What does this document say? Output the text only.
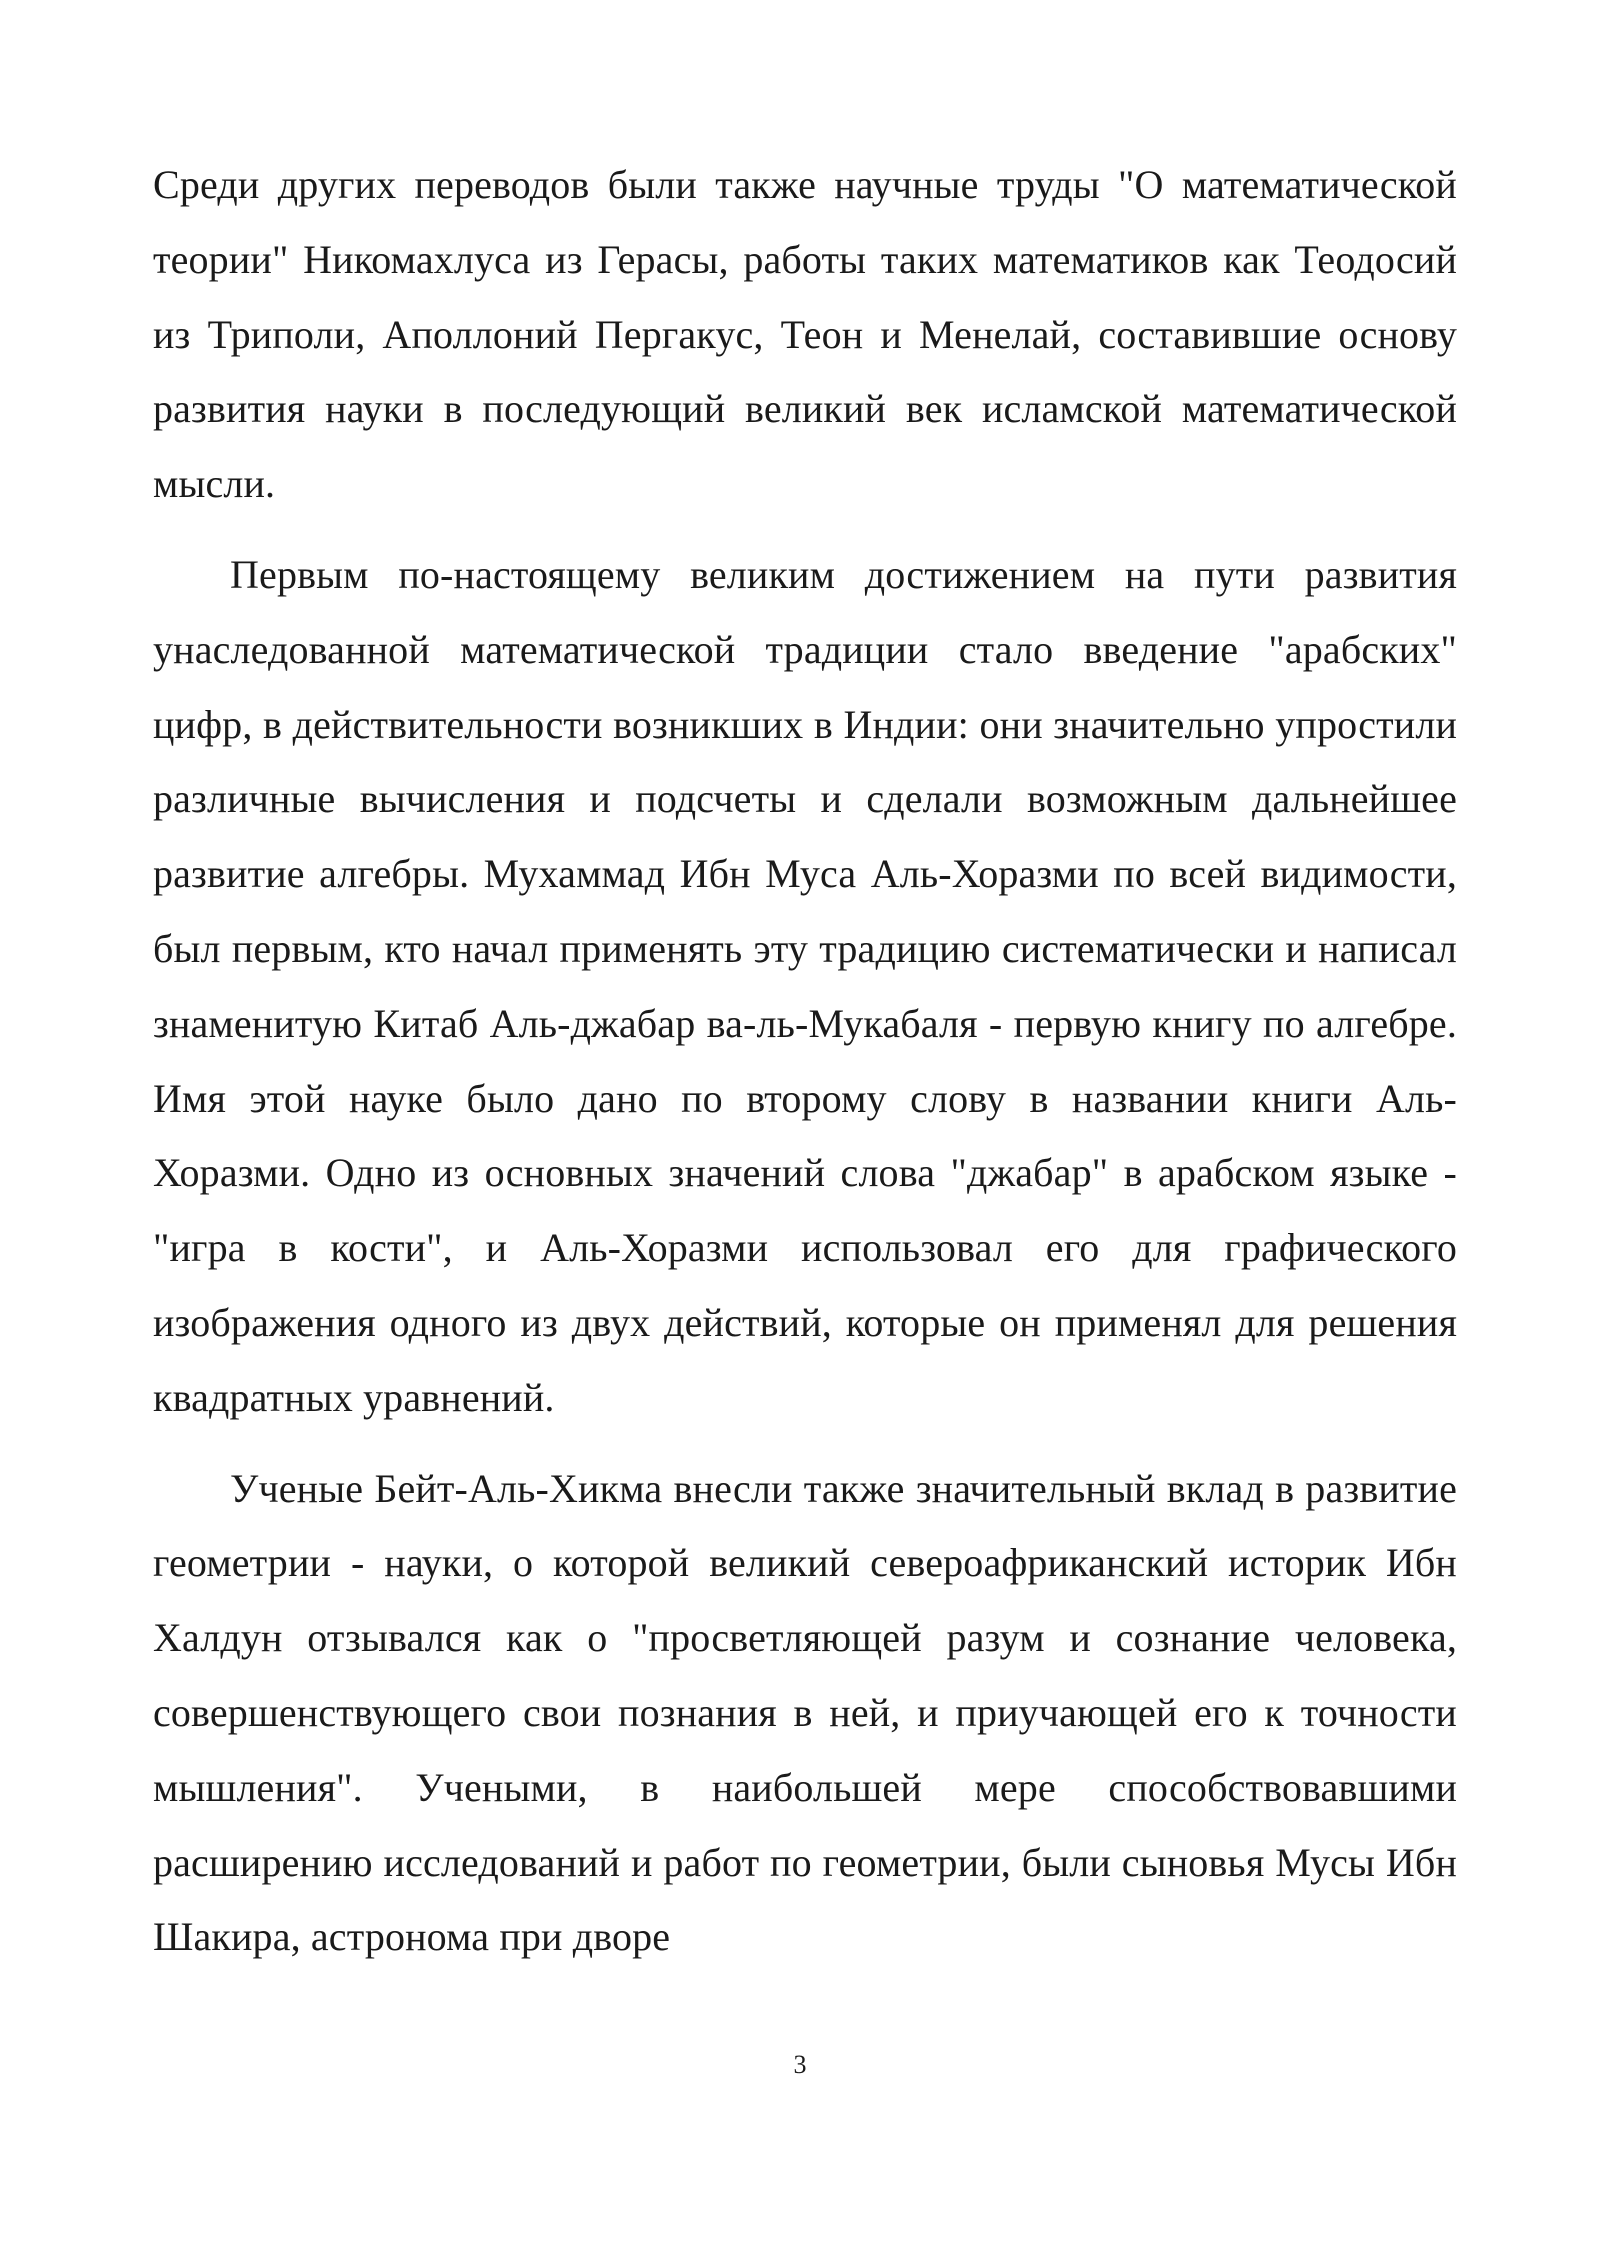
Среди других переводов были также научные труды "О математической теории" Никомахлуса из Герасы, работы таких математиков как Теодосий из Триполи, Аполлоний Пергакус, Теон и Менелай, составившие основу развития науки в последующий великий век исламской математической мысли.

Первым по-настоящему великим достижением на пути развития унаследованной математической традиции стало введение "арабских" цифр, в действительности возникших в Индии: они значительно упростили различные вычисления и подсчеты и сделали возможным дальнейшее развитие алгебры. Мухаммад Ибн Муса Аль-Хоразми по всей видимости, был первым, кто начал применять эту традицию систематически и написал знаменитую Китаб Аль-джабар ва-ль-Мукабаля - первую книгу по алгебре. Имя этой науке было дано по второму слову в названии книги Аль-Хоразми. Одно из основных значений слова "джабар" в арабском языке - "игра в кости", и Аль-Хоразми использовал его для графического изображения одного из двух действий, которые он применял для решения квадратных уравнений.

Ученые Бейт-Аль-Хикма внесли также значительный вклад в развитие геометрии - науки, о которой великий североафриканский историк Ибн Халдун отзывался как о "просветляющей разум и сознание человека, совершенствующего свои познания в ней, и приучающей его к точности мышления". Учеными, в наибольшей мере способствовавшими расширению исследований и работ по геометрии, были сыновья Мусы Ибн Шакира, астронома при дворе

3
